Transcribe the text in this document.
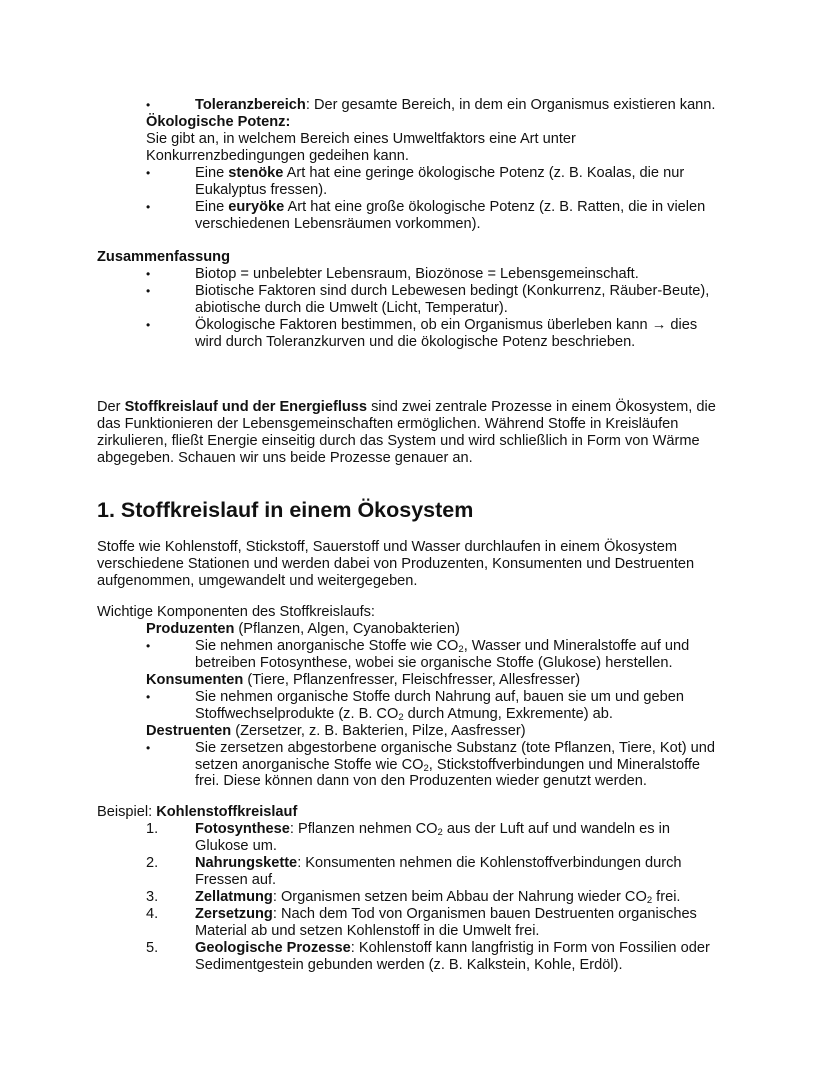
•	Toleranzbereich: Der gesamte Bereich, in dem ein Organismus existieren kann.
Ökologische Potenz:
Sie gibt an, in welchem Bereich eines Umweltfaktors eine Art unter
Konkurrenzbedingungen gedeihen kann.
•	Eine stenöke Art hat eine geringe ökologische Potenz (z. B. Koalas, die nur
Eukalyptus fressen).
•	Eine euryöke Art hat eine große ökologische Potenz (z. B. Ratten, die in vielen
verschiedenen Lebensräumen vorkommen).
Zusammenfassung
•	Biotop = unbelebter Lebensraum, Biozönose = Lebensgemeinschaft.
•	Biotische Faktoren sind durch Lebewesen bedingt (Konkurrenz, Räuber-Beute),
abiotische durch die Umwelt (Licht, Temperatur).
•	Ökologische Faktoren bestimmen, ob ein Organismus überleben kann → dies
wird durch Toleranzkurven und die ökologische Potenz beschrieben.
Der Stoffkreislauf und der Energiefluss sind zwei zentrale Prozesse in einem Ökosystem, die
das Funktionieren der Lebensgemeinschaften ermöglichen. Während Stoffe in Kreisläufen
zirkulieren, fließt Energie einseitig durch das System und wird schließlich in Form von Wärme
abgegeben. Schauen wir uns beide Prozesse genauer an.
1. Stoffkreislauf in einem Ökosystem
Stoffe wie Kohlenstoff, Stickstoff, Sauerstoff und Wasser durchlaufen in einem Ökosystem
verschiedene Stationen und werden dabei von Produzenten, Konsumenten und Destruenten
aufgenommen, umgewandelt und weitergegeben.
Wichtige Komponenten des Stoffkreislaufs:
Produzenten (Pflanzen, Algen, Cyanobakterien)
•	Sie nehmen anorganische Stoffe wie $CO_2$, Wasser und Mineralstoffe auf und
betreiben Fotosynthese, wobei sie organische Stoffe (Glukose) herstellen.
Konsumenten (Tiere, Pflanzenfresser, Fleischfresser, Allesfresser)
•	Sie nehmen organische Stoffe durch Nahrung auf, bauen sie um und geben
Stoffwechselprodukte (z. B. $CO_2$ durch Atmung, Exkremente) ab.
Destruenten (Zersetzer, z. B. Bakterien, Pilze, Aasfresser)
•	Sie zersetzen abgestorbene organische Substanz (tote Pflanzen, Tiere, Kot) und
setzen anorganische Stoffe wie $CO_2$, Stickstoffverbindungen und Mineralstoffe
frei. Diese können dann von den Produzenten wieder genutzt werden.
Beispiel: Kohlenstoffkreislauf
1.	Fotosynthese: Pflanzen nehmen $CO_2$ aus der Luft auf und wandeln es in
Glukose um.
2.	Nahrungskette: Konsumenten nehmen die Kohlenstoffverbindungen durch
Fressen auf.
3.	Zellatmung: Organismen setzen beim Abbau der Nahrung wieder $CO_2$ frei.
4.	Zersetzung: Nach dem Tod von Organismen bauen Destruenten organisches
Material ab und setzen Kohlenstoff in die Umwelt frei.
5.	Geologische Prozesse: Kohlenstoff kann langfristig in Form von Fossilien oder
Sedimentgestein gebunden werden (z. B. Kalkstein, Kohle, Erdöl).
